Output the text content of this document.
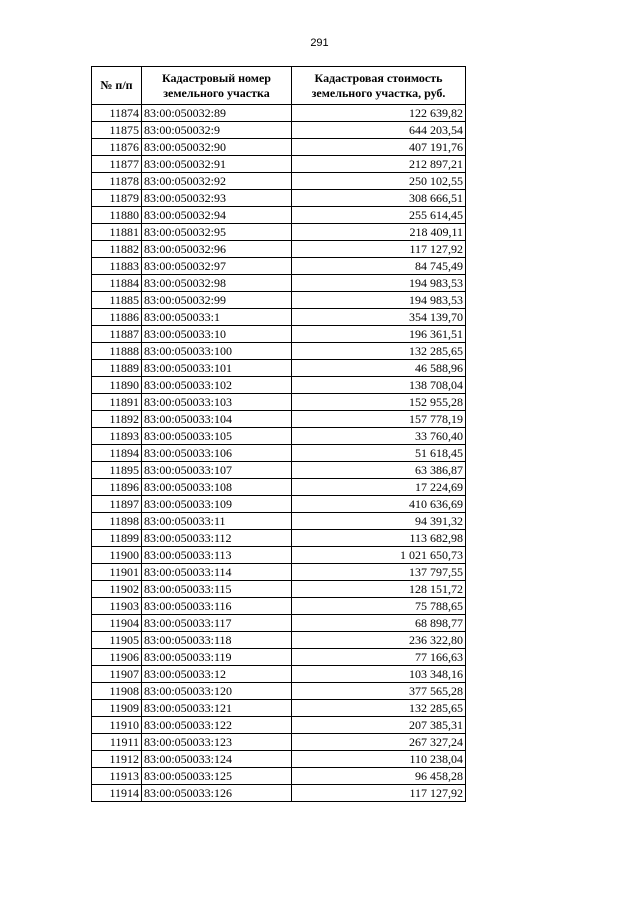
291
№ п/п	Кадастровый номер земельного участка	Кадастровая стоимость земельного участка, руб.
11874	83:00:050032:89	122 639,82
11875	83:00:050032:9	644 203,54
11876	83:00:050032:90	407 191,76
11877	83:00:050032:91	212 897,21
11878	83:00:050032:92	250 102,55
11879	83:00:050032:93	308 666,51
11880	83:00:050032:94	255 614,45
11881	83:00:050032:95	218 409,11
11882	83:00:050032:96	117 127,92
11883	83:00:050032:97	84 745,49
11884	83:00:050032:98	194 983,53
11885	83:00:050032:99	194 983,53
11886	83:00:050033:1	354 139,70
11887	83:00:050033:10	196 361,51
11888	83:00:050033:100	132 285,65
11889	83:00:050033:101	46 588,96
11890	83:00:050033:102	138 708,04
11891	83:00:050033:103	152 955,28
11892	83:00:050033:104	157 778,19
11893	83:00:050033:105	33 760,40
11894	83:00:050033:106	51 618,45
11895	83:00:050033:107	63 386,87
11896	83:00:050033:108	17 224,69
11897	83:00:050033:109	410 636,69
11898	83:00:050033:11	94 391,32
11899	83:00:050033:112	113 682,98
11900	83:00:050033:113	1 021 650,73
11901	83:00:050033:114	137 797,55
11902	83:00:050033:115	128 151,72
11903	83:00:050033:116	75 788,65
11904	83:00:050033:117	68 898,77
11905	83:00:050033:118	236 322,80
11906	83:00:050033:119	77 166,63
11907	83:00:050033:12	103 348,16
11908	83:00:050033:120	377 565,28
11909	83:00:050033:121	132 285,65
11910	83:00:050033:122	207 385,31
11911	83:00:050033:123	267 327,24
11912	83:00:050033:124	110 238,04
11913	83:00:050033:125	96 458,28
11914	83:00:050033:126	117 127,92
